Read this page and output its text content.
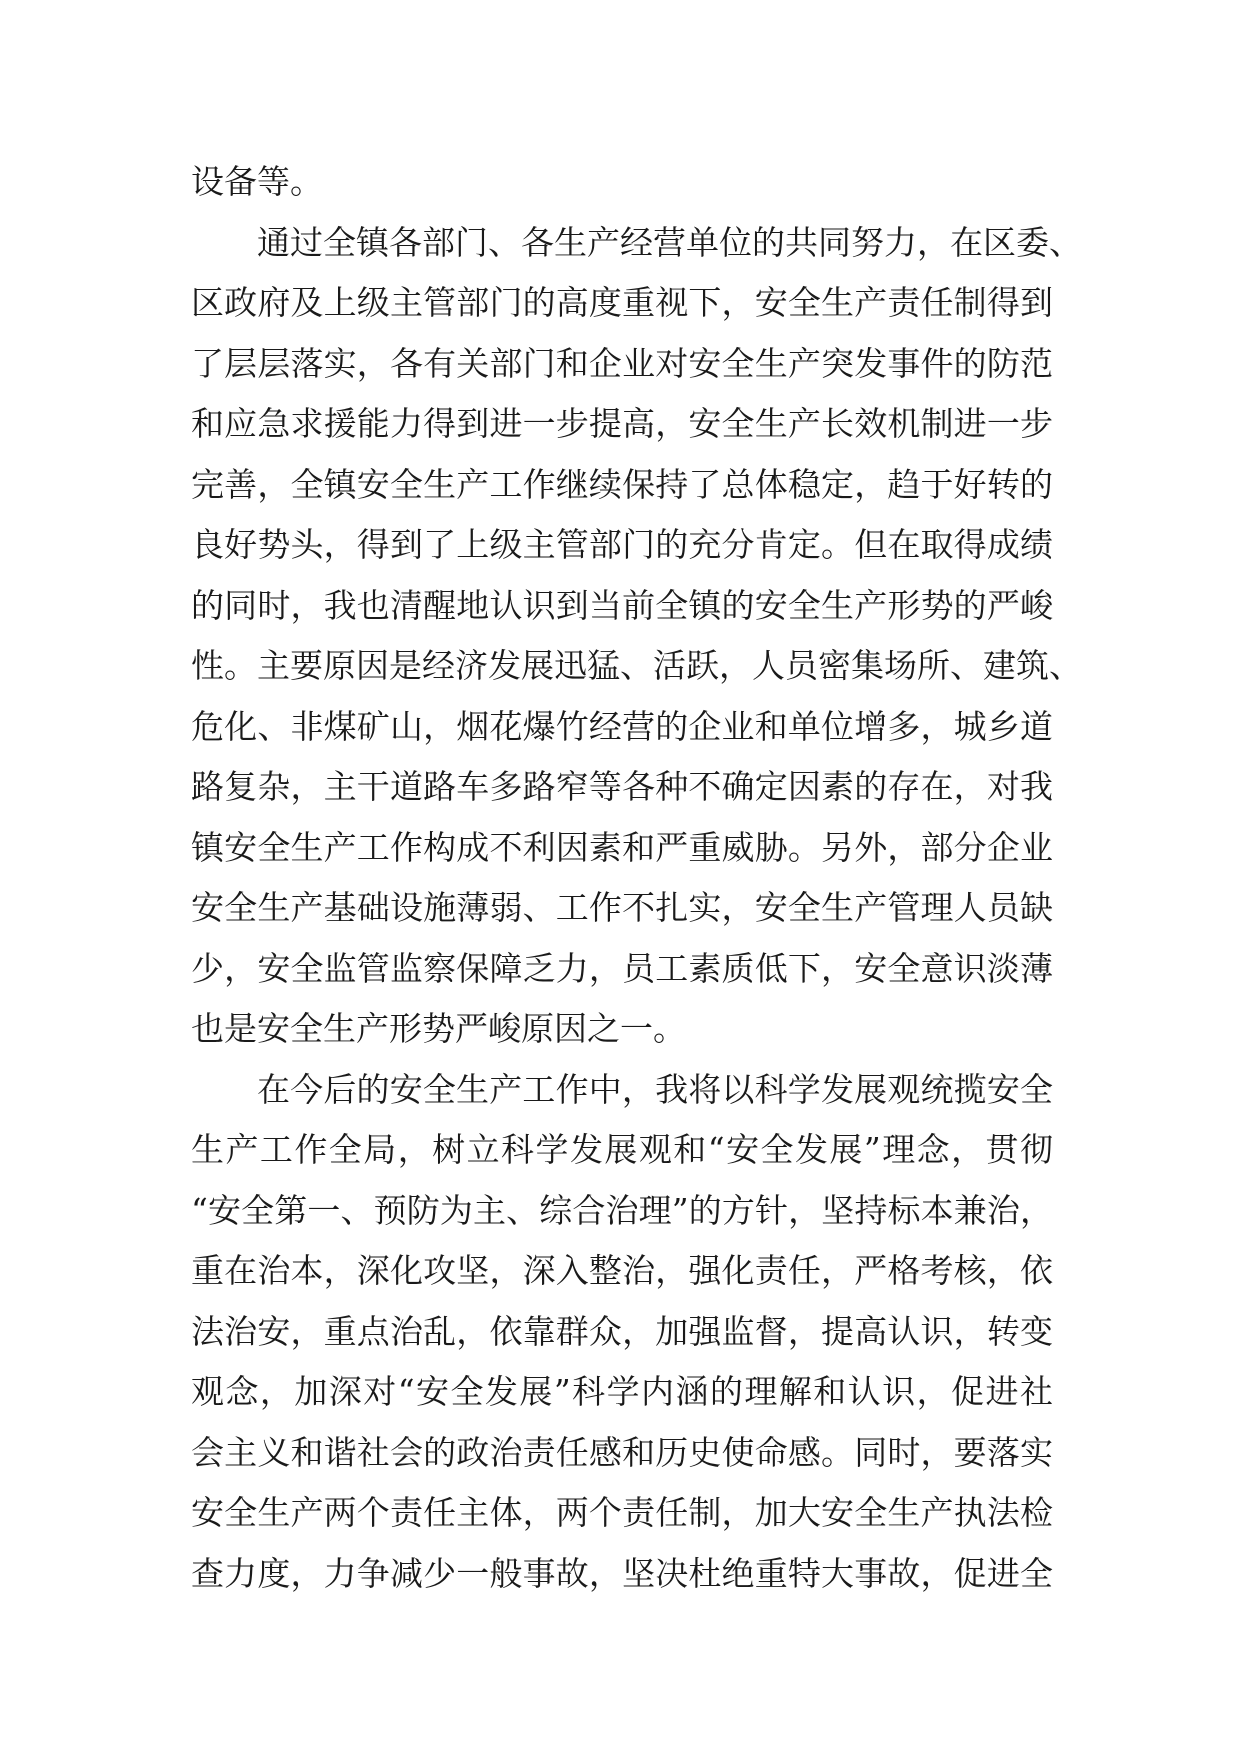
设备等。
通过全镇各部门、各生产经营单位的共同努力，在区委、
区政府及上级主管部门的高度重视下，安全生产责任制得到
了层层落实，各有关部门和企业对安全生产突发事件的防范
和应急求援能力得到进一步提高，安全生产长效机制进一步
完善，全镇安全生产工作继续保持了总体稳定，趋于好转的
良好势头，得到了上级主管部门的充分肯定。但在取得成绩
的同时，我也清醒地认识到当前全镇的安全生产形势的严峻
性。主要原因是经济发展迅猛、活跃，人员密集场所、建筑、
危化、非煤矿山，烟花爆竹经营的企业和单位增多，城乡道
路复杂，主干道路车多路窄等各种不确定因素的存在，对我
镇安全生产工作构成不利因素和严重威胁。另外，部分企业
安全生产基础设施薄弱、工作不扎实，安全生产管理人员缺
少，安全监管监察保障乏力，员工素质低下，安全意识淡薄
也是安全生产形势严峻原因之一。
在今后的安全生产工作中，我将以科学发展观统揽安全
生产工作全局，树立科学发展观和“安全发展”理念，贯彻
“安全第一、预防为主、综合治理”的方针，坚持标本兼治，
重在治本，深化攻坚，深入整治，强化责任，严格考核，依
法治安，重点治乱，依靠群众，加强监督，提高认识，转变
观念，加深对“安全发展”科学内涵的理解和认识，促进社
会主义和谐社会的政治责任感和历史使命感。同时，要落实
安全生产两个责任主体，两个责任制，加大安全生产执法检
查力度，力争减少一般事故，坚决杜绝重特大事故，促进全
